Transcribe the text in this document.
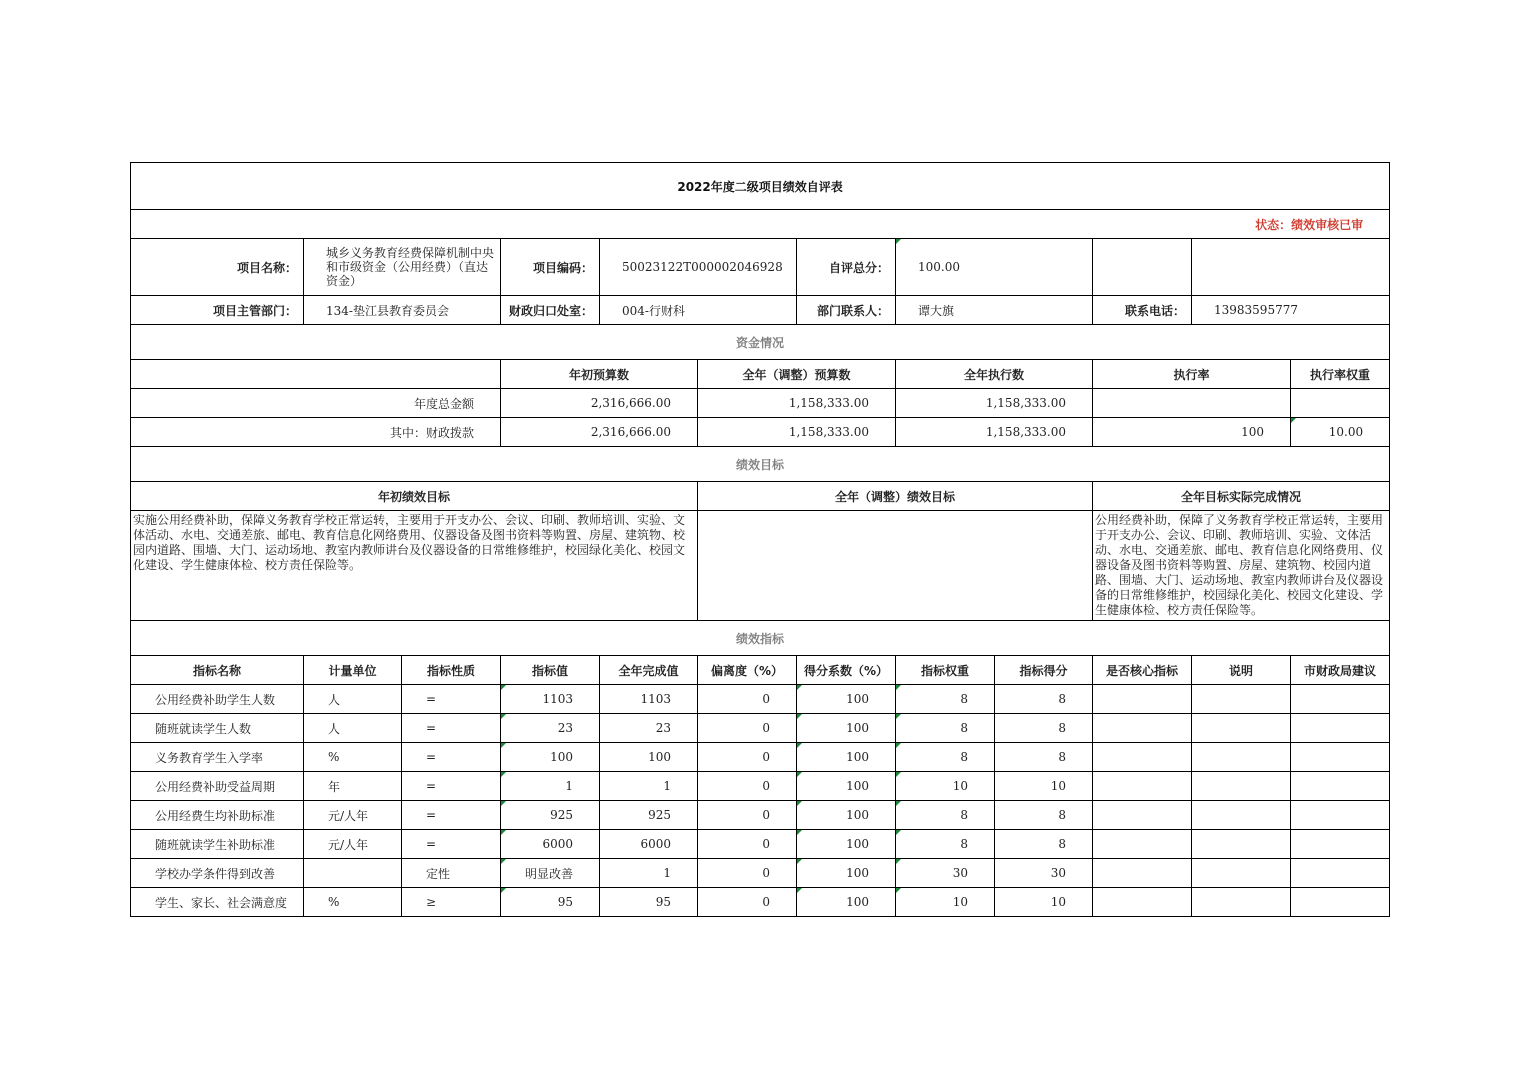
2022年度二级项目绩效自评表												
状态：绩效审核已审												
项目名称：	城乡义务教育经费保障机制中央和市级资金（公用经费）（直达资金）		项目编码：	50023122T000002046928		自评总分：	100.00					
项目主管部门：	134-垫江县教育委员会		财政归口处室：	004-行财科		部门联系人：	谭大旗		联系电话：	13983595777		
资金情况												
			年初预算数		全年（调整）预算数		全年执行数		执行率		执行率权重	
年度总金额			2,316,666.00		1,158,333.00		1,158,333.00					
其中：财政拨款			2,316,666.00		1,158,333.00		1,158,333.00		100		10.00	
绩效目标												
年初绩效目标					全年（调整）绩效目标				全年目标实际完成情况			
实施公用经费补助，保障义务教育学校正常运转，主要用于开支办公、会议、印刷、教师培训、实验、文体活动、水电、交通差旅、邮电、教育信息化网络费用、仪器设备及图书资料等购置、房屋、建筑物、校园内道路、围墙、大门、运动场地、教室内教师讲台及仪器设备的日常维修维护，校园绿化美化、校园文化建设、学生健康体检、校方责任保险等。									公用经费补助，保障了义务教育学校正常运转，主要用于开支办公、会议、印刷、教师培训、实验、文体活动、水电、交通差旅、邮电、教育信息化网络费用、仪器设备及图书资料等购置、房屋、建筑物、校园内道路、围墙、大门、运动场地、教室内教师讲台及仪器设备的日常维修维护，校园绿化美化、校园文化建设、学生健康体检、校方责任保险等。			
绩效指标												
指标名称	计量单位	指标性质	指标值	全年完成值	偏离度（%）	得分系数（%）	指标权重	指标得分	是否核心指标	说明	市财政局建议	
公用经费补助学生人数	人	=	1103	1103	0	100	8	8				
随班就读学生人数	人	=	23	23	0	100	8	8				
义务教育学生入学率	%	=	100	100	0	100	8	8				
公用经费补助受益周期	年	=	1	1	0	100	10	10				
公用经费生均补助标准	元/人年	=	925	925	0	100	8	8				
随班就读学生补助标准	元/人年	=	6000	6000	0	100	8	8				
学校办学条件得到改善		定性	明显改善	1	0	100	30	30				
学生、家长、社会满意度	%	≥	95	95	0	100	10	10				
